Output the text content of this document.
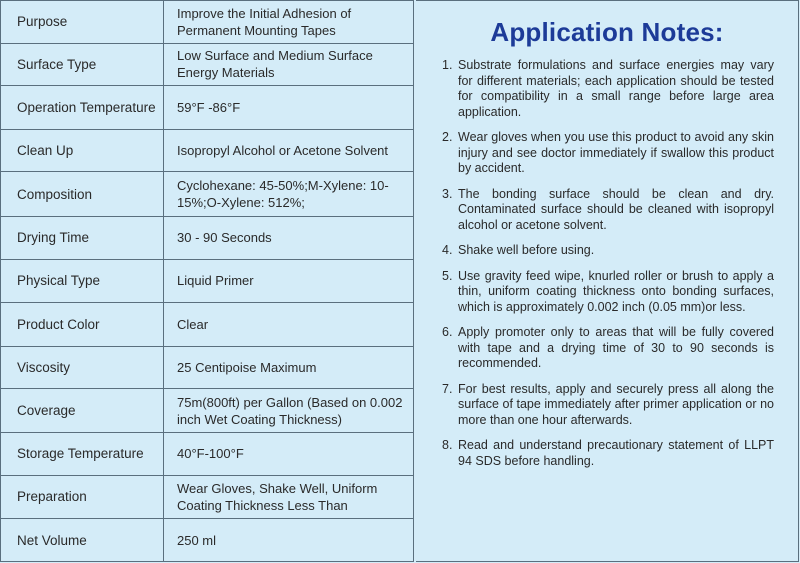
Purpose	Improve the Initial Adhesion of Permanent Mounting Tapes
Surface Type	Low Surface and Medium Surface Energy Materials
Operation Temperature	59°F -86°F
Clean Up	Isopropyl Alcohol or Acetone Solvent
Composition	Cyclohexane: 45-50%;M-Xylene: 10-15%;O-Xylene: 512%;
Drying Time	30 - 90 Seconds
Physical Type	Liquid Primer
Product Color	Clear
Viscosity	25 Centipoise Maximum
Coverage	75m(800ft) per Gallon (Based on 0.002 inch Wet Coating Thickness)
Storage Temperature	40°F-100°F
Preparation	Wear Gloves, Shake Well, Uniform Coating Thickness Less Than
Net Volume	250 ml
Application Notes:
1. Substrate formulations and surface energies may vary for different materials; each application should be tested for compatibility in a small range before large area application.
2. Wear gloves when you use this product to avoid any skin injury and see doctor immediately if swallow this product by accident.
3. The bonding surface should be clean and dry. Contaminated surface should be cleaned with isopropyl alcohol or acetone solvent.
4. Shake well before using.
5. Use gravity feed wipe, knurled roller or brush to apply a thin, uniform coating thickness onto bonding surfaces, which is approximately 0.002 inch (0.05 mm)or less.
6. Apply promoter only to areas that will be fully covered with tape and a drying time of 30 to 90 seconds is recommended.
7. For best results, apply and securely press all along the surface of tape immediately after primer application or no more than one hour afterwards.
8. Read and understand precautionary statement of LLPT 94 SDS before handling.
